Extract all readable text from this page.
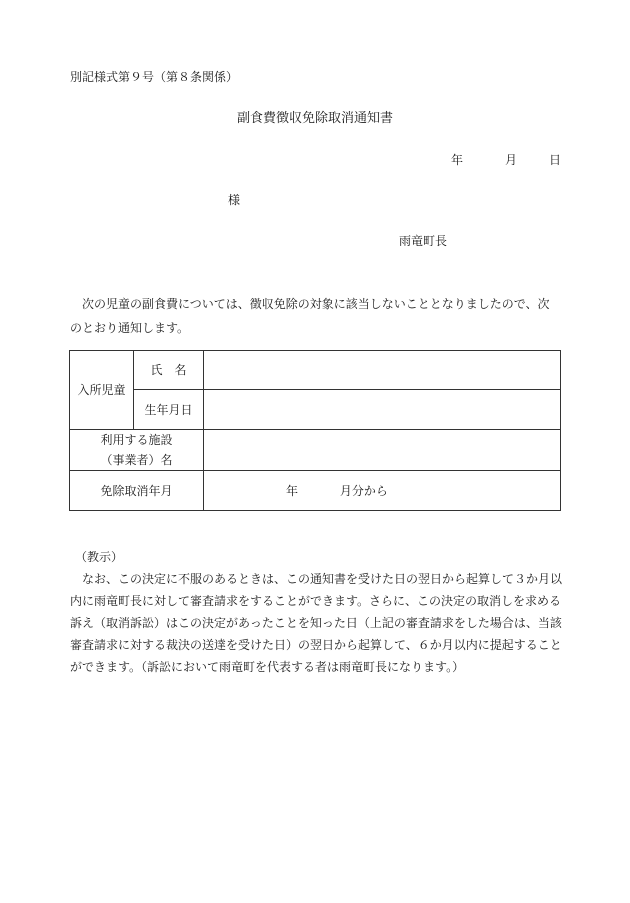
別記様式第９号（第８条関係）
副食費徴収免除取消通知書
年	月	日
様
雨竜町長
次の児童の副食費については、徴収免除の対象に該当しないこととなりましたので、次のとおり通知します。
入所児童	氏　名	
	生年月日	

利用する施設
（事業者）名		

免除取消年月		年 月分から
（教示）
なお、この決定に不服のあるときは、この通知書を受けた日の翌日から起算して３か月以内に雨竜町長に対して審査請求をすることができます。さらに、この決定の取消しを求める訴え（取消訴訟）はこの決定があったことを知った日（上記の審査請求をした場合は、当該審査請求に対する裁決の送達を受けた日）の翌日から起算して、６か月以内に提起することができます。（訴訟において雨竜町を代表する者は雨竜町長になります。）
